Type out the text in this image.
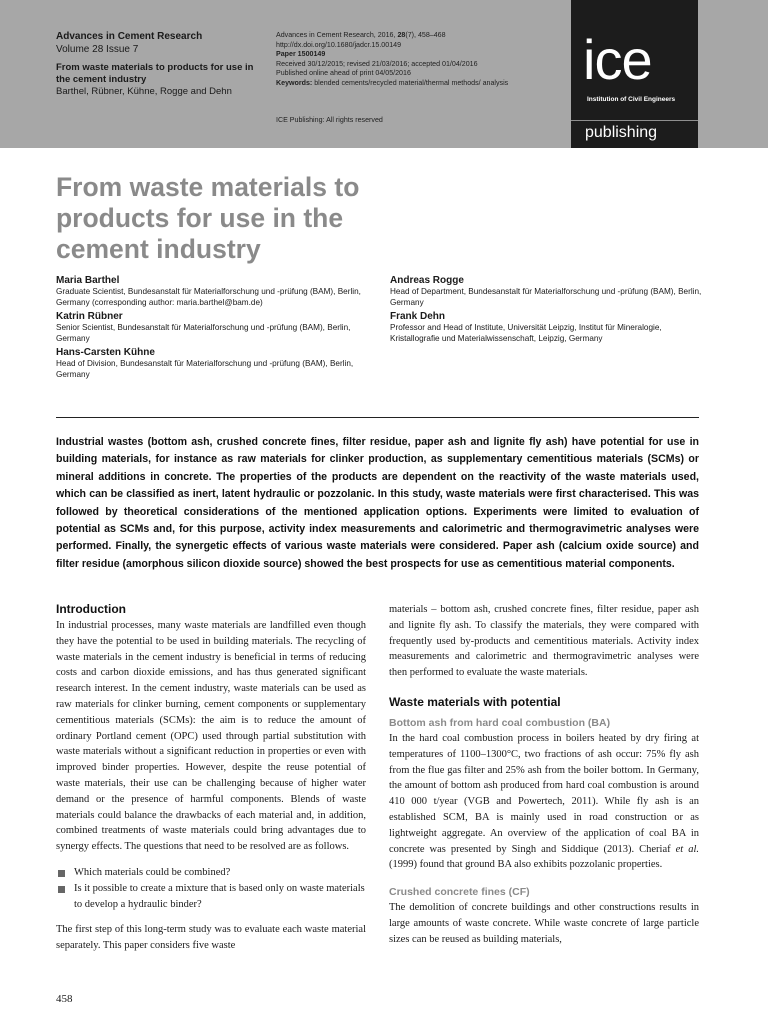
Advances in Cement Research
Volume 28 Issue 7
From waste materials to products for use in the cement industry
Barthel, Rübner, Kühne, Rogge and Dehn
Advances in Cement Research, 2016, 28(7), 458–468
http://dx.doi.org/10.1680/jadcr.15.00149
Paper 1500149
Received 30/12/2015; revised 21/03/2016; accepted 01/04/2016
Published online ahead of print 04/05/2016
Keywords: blended cements/recycled material/thermal methods/ analysis
ICE Publishing: All rights reserved
ice
Institution of Civil Engineers
publishing
From waste materials to products for use in the cement industry
Maria Barthel
Graduate Scientist, Bundesanstalt für Materialforschung und -prüfung (BAM), Berlin, Germany (corresponding author: maria.barthel@bam.de)
Katrin Rübner
Senior Scientist, Bundesanstalt für Materialforschung und -prüfung (BAM), Berlin, Germany
Hans-Carsten Kühne
Head of Division, Bundesanstalt für Materialforschung und -prüfung (BAM), Berlin, Germany
Andreas Rogge
Head of Department, Bundesanstalt für Materialforschung und -prüfung (BAM), Berlin, Germany
Frank Dehn
Professor and Head of Institute, Universität Leipzig, Institut für Mineralogie, Kristallografie und Materialwissenschaft, Leipzig, Germany

Industrial wastes (bottom ash, crushed concrete fines, filter residue, paper ash and lignite fly ash) have potential for use in building materials, for instance as raw materials for clinker production, as supplementary cementitious materials (SCMs) or mineral additions in concrete. The properties of the products are dependent on the reactivity of the waste materials used, which can be classified as inert, latent hydraulic or pozzolanic. In this study, waste materials were first characterised. This was followed by theoretical considerations of the mentioned application options. Experiments were limited to evaluation of potential as SCMs and, for this purpose, activity index measurements and calorimetric and thermogravimetric analyses were performed. Finally, the synergetic effects of various waste materials were considered. Paper ash (calcium oxide source) and filter residue (amorphous silicon dioxide source) showed the best prospects for use as cementitious material components.

Introduction

In industrial processes, many waste materials are landfilled even though they have the potential to be used in building materials. The recycling of waste materials in the cement industry is beneficial in terms of reducing costs and carbon dioxide emissions, and has thus generated significant research interest. In the cement industry, waste materials can be used as raw materials for clinker burning, cement components or supplementary cementitious materials (SCMs): the aim is to reduce the amount of ordinary Portland cement (OPC) used through partial substitution with waste materials without a significant reduction in properties or even with improved binder properties. However, despite the reuse potential of waste materials, their use can be challenging because of higher water demand or the presence of harmful components. Blends of waste materials could balance the drawbacks of each material and, in addition, combined treatments of waste materials could bring advantages due to synergy effects. The questions that need to be resolved are as follows.

Which materials could be combined?
Is it possible to create a mixture that is based only on waste materials to develop a hydraulic binder?

The first step of this long-term study was to evaluate each waste material separately. This paper considers five waste

materials – bottom ash, crushed concrete fines, filter residue, paper ash and lignite fly ash. To classify the materials, they were compared with frequently used by-products and cementitious materials. Activity index measurements and calorimetric and thermogravimetric analyses were then performed to evaluate the waste materials.

Waste materials with potential
Bottom ash from hard coal combustion (BA)

In the hard coal combustion process in boilers heated by dry firing at temperatures of 1100–1300°C, two fractions of ash occur: 75% fly ash from the flue gas filter and 25% ash from the boiler bottom. In Germany, the amount of bottom ash produced from hard coal combustion is around 410 000 t/year (VGB and Powertech, 2011). While fly ash is an established SCM, BA is mainly used in road construction or as lightweight aggregate. An overview of the application of coal BA in concrete was presented by Singh and Siddique (2013). Cheriaf et al. (1999) found that ground BA also exhibits pozzolanic properties.

Crushed concrete fines (CF)

The demolition of concrete buildings and other constructions results in large amounts of waste concrete. While waste concrete of large particle sizes can be reused as building materials,

458
